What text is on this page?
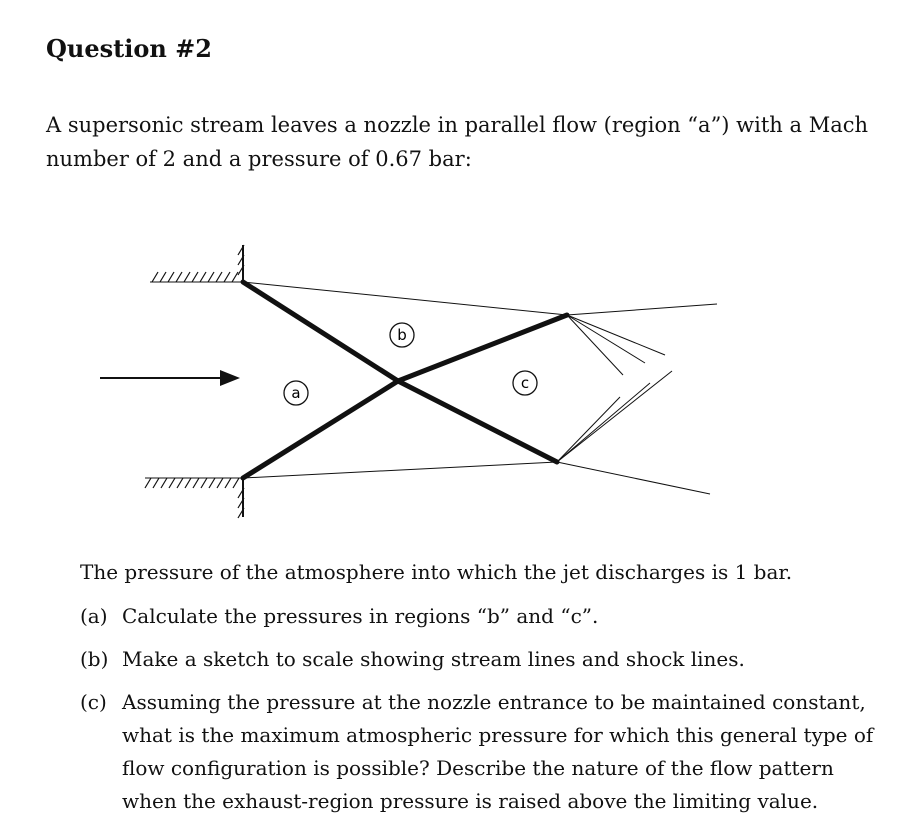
Question #2

A supersonic stream leaves a nozzle in parallel flow (region “a”) with a Mach number of 2 and a pressure of 0.67 bar:

a
b
c

The pressure of the atmosphere into which the jet discharges is 1 bar.

(a) Calculate the pressures in regions “b” and “c”.
(b) Make a sketch to scale showing stream lines and shock lines.
(c) Assuming the pressure at the nozzle entrance to be maintained constant, what is the maximum atmospheric pressure for which this general type of flow configuration is possible? Describe the nature of the flow pattern when the exhaust-region pressure is raised above the limiting value.
